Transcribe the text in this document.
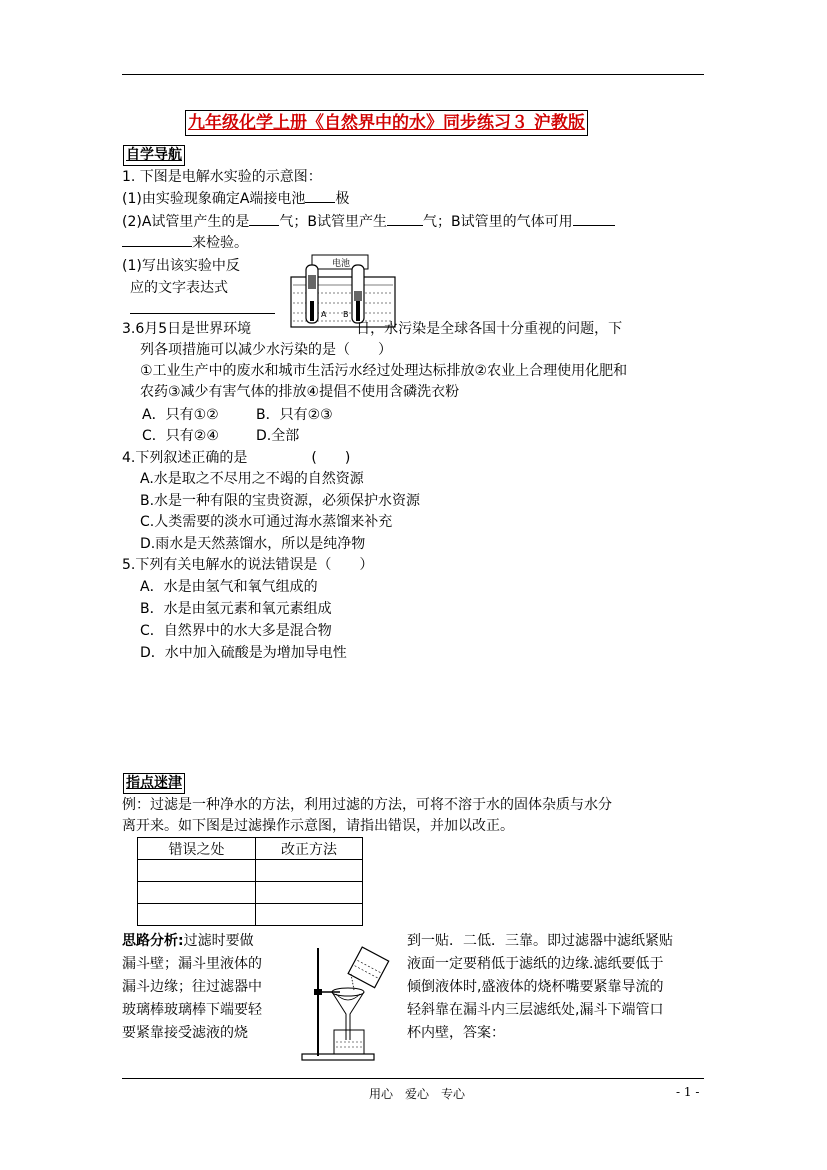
九年级化学上册《自然界中的水》同步练习３ 沪教版
自学导航
1. 下图是电解水实验的示意图：
(1)由实验现象确定A端接电池 极
(2)A试管里产生的是 气；B试管里产生	气；B试管里的气体可用
来检验。
(1)写出该实验中反
应的文字表达式
电池
A B
3.6月5日是世界环境	日，水污染是全球各国十分重视的问题，下
列各项措施可以减少水污染的是（　　）
①工业生产中的废水和城市生活污水经过处理达标排放②农业上合理使用化肥和
农药③减少有害气体的排放④提倡不使用含磷洗衣粉
A．只有①②	B．只有②③
C．只有②④	D.全部
4.下列叙述正确的是	(　　)
A.水是取之不尽用之不竭的自然资源
B.水是一种有限的宝贵资源，必须保护水资源
C.人类需要的淡水可通过海水蒸馏来补充
D.雨水是天然蒸馏水，所以是纯净物
5.下列有关电解水的说法错误是（　　）
A．水是由氢气和氧气组成的
B．水是由氢元素和氧元素组成
C．自然界中的水大多是混合物
D．水中加入硫酸是为增加导电性
指点迷津
例：过滤是一种净水的方法，利用过滤的方法，可将不溶于水的固体杂质与水分
离开来。如下图是过滤操作示意图，请指出错误，并加以改正。
错误之处	改正方法

思路分析:过滤时要做
漏斗壁；漏斗里液体的
漏斗边缘；往过滤器中
玻璃棒玻璃棒下端要轻
要紧靠接受滤液的烧
到一贴．二低．三靠。即过滤器中滤纸紧贴
液面一定要稍低于滤纸的边缘.滤纸要低于
倾倒液体时,盛液体的烧杯嘴要紧靠导流的
轻斜靠在漏斗内三层滤纸处,漏斗下端管口
杯内壁，答案：
用心　爱心　专心	- 1 -
